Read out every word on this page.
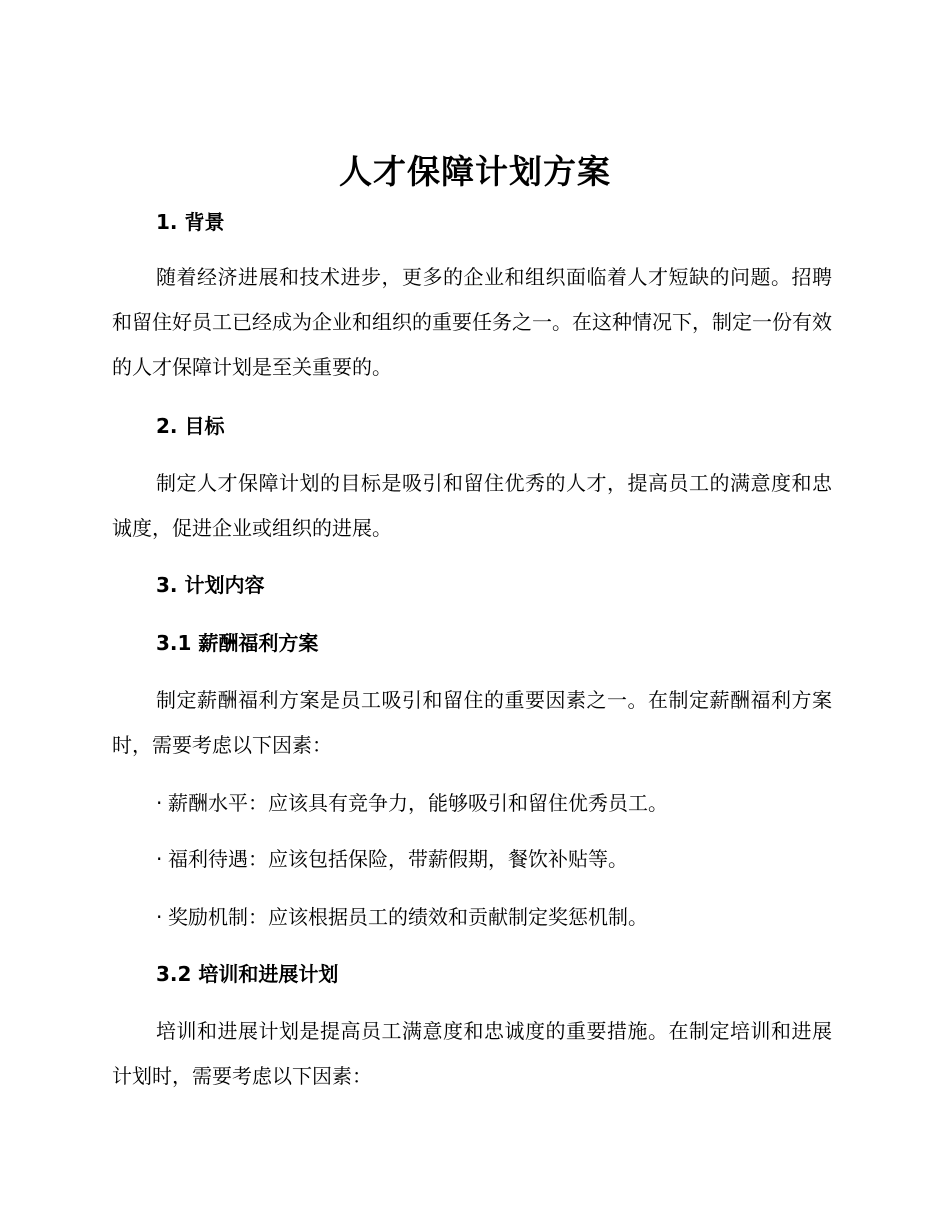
人才保障计划方案
1. 背景

随着经济进展和技术进步，更多的企业和组织面临着人才短缺的问题。招聘和留住好员工已经成为企业和组织的重要任务之一。在这种情况下，制定一份有效的人才保障计划是至关重要的。

2. 目标

制定人才保障计划的目标是吸引和留住优秀的人才，提高员工的满意度和忠诚度，促进企业或组织的进展。

3. 计划内容
3.1 薪酬福利方案

制定薪酬福利方案是员工吸引和留住的重要因素之一。在制定薪酬福利方案时，需要考虑以下因素：

· 薪酬水平：应该具有竞争力，能够吸引和留住优秀员工。
· 福利待遇：应该包括保险，带薪假期，餐饮补贴等。
· 奖励机制：应该根据员工的绩效和贡献制定奖惩机制。
3.2 培训和进展计划

培训和进展计划是提高员工满意度和忠诚度的重要措施。在制定培训和进展计划时，需要考虑以下因素：
